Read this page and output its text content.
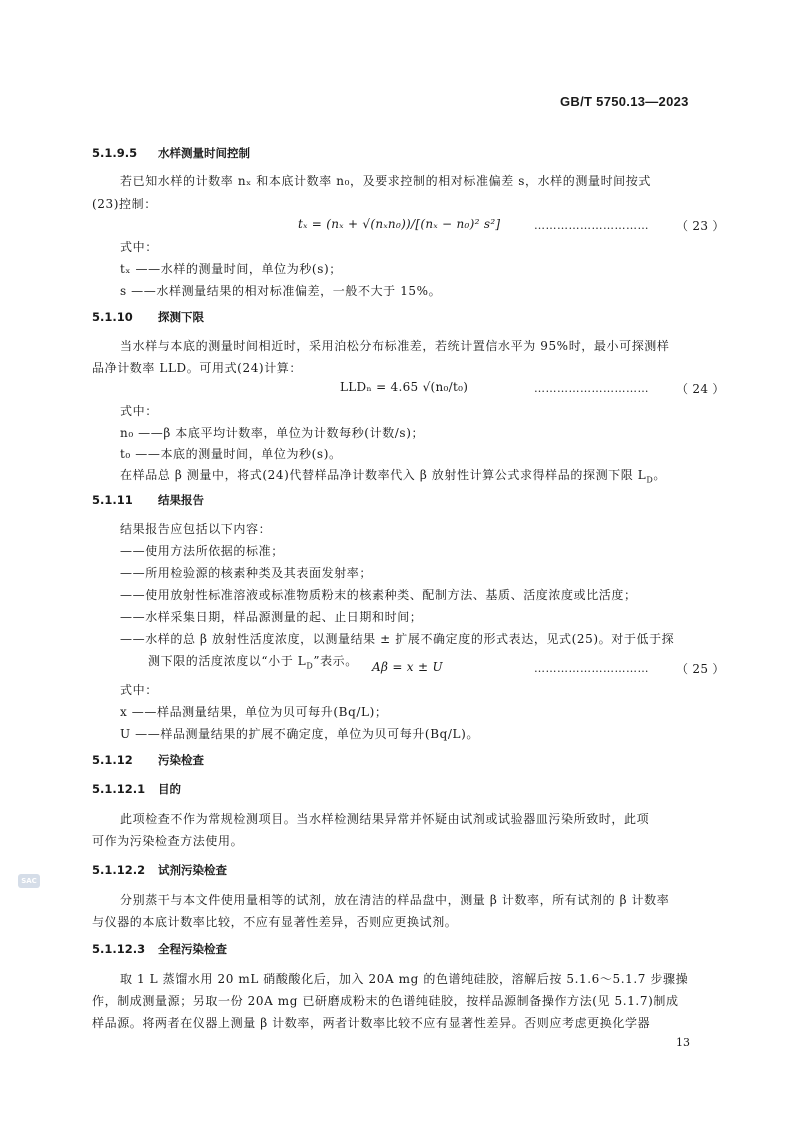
GB/T 5750.13—2023
5.1.9.5 水样测量时间控制
若已知水样的计数率 nₓ 和本底计数率 n₀，及要求控制的相对标准偏差 s，水样的测量时间按式
(23)控制：
tₓ = (nₓ + √(nₓn₀))/[(nₓ − n₀)² s²]	………………………… （ 23 ）
式中：
tₓ ——水样的测量时间，单位为秒(s)；
s ——水样测量结果的相对标准偏差，一般不大于 15%。
5.1.10 探测下限
当水样与本底的测量时间相近时，采用泊松分布标准差，若统计置信水平为 95%时，最小可探测样
品净计数率 LLD。可用式(24)计算：
LLDₙ = 4.65 √(n₀/t₀)	………………………… （ 24 ）
式中：
n₀ ——β 本底平均计数率，单位为计数每秒(计数/s)；
t₀ ——本底的测量时间，单位为秒(s)。
在样品总 β 测量中，将式(24)代替样品净计数率代入 β 放射性计算公式求得样品的探测下限 $L_D$。
5.1.11 结果报告
结果报告应包括以下内容：
——使用方法所依据的标准；
——所用检验源的核素种类及其表面发射率；
——使用放射性标准溶液或标准物质粉末的核素种类、配制方法、基质、活度浓度或比活度；
——水样采集日期，样品源测量的起、止日期和时间；
——水样的总 β 放射性活度浓度，以测量结果 ± 扩展不确定度的形式表达，见式(25)。对于低于探
测下限的活度浓度以“小于 $L_D$”表示。 Aβ = x ± U	………………………… （ 25 ）
式中：
x ——样品测量结果，单位为贝可每升(Bq/L)；
U ——样品测量结果的扩展不确定度，单位为贝可每升(Bq/L)。
5.1.12 污染检查
5.1.12.1 目的
此项检查不作为常规检测项目。当水样检测结果异常并怀疑由试剂或试验器皿污染所致时，此项
可作为污染检查方法使用。
SAC
5.1.12.2 试剂污染检查
分别蒸干与本文件使用量相等的试剂，放在清洁的样品盘中，测量 β 计数率，所有试剂的 β 计数率
与仪器的本底计数率比较，不应有显著性差异，否则应更换试剂。
5.1.12.3 全程污染检查
取 1 L 蒸馏水用 20 mL 硝酸酸化后，加入 20A mg 的色谱纯硅胶，溶解后按 5.1.6～5.1.7 步骤操
作，制成测量源；另取一份 20A mg 已研磨成粉末的色谱纯硅胶，按样品源制备操作方法(见 5.1.7)制成
样品源。将两者在仪器上测量 β 计数率，两者计数率比较不应有显著性差异。否则应考虑更换化学器
13
